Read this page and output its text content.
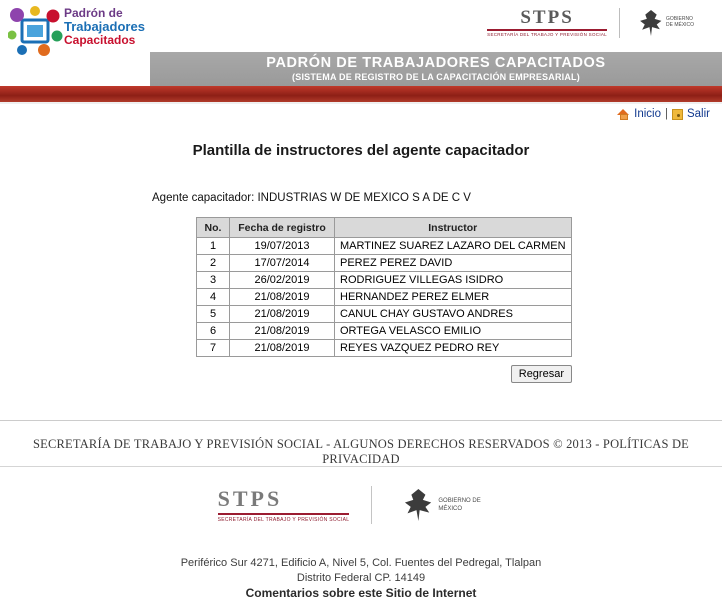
Padrón de
Trabajadores
Capacitados
STPS
SECRETARÍA DEL TRABAJO Y PREVISIÓN SOCIAL
GOBIERNO DE MÉXICO
PADRÓN DE TRABAJADORES CAPACITADOS
(SISTEMA DE REGISTRO DE LA CAPACITACIÓN EMPRESARIAL)
Inicio | Salir
Plantilla de instructores del agente capacitador
Agente capacitador: INDUSTRIAS W DE MEXICO S A DE C V
No.	Fecha de registro	Instructor
1	19/07/2013	MARTINEZ SUAREZ LAZARO DEL CARMEN
2	17/07/2014	PEREZ PEREZ DAVID
3	26/02/2019	RODRIGUEZ VILLEGAS ISIDRO
4	21/08/2019	HERNANDEZ PEREZ ELMER
5	21/08/2019	CANUL CHAY GUSTAVO ANDRES
6	21/08/2019	ORTEGA VELASCO EMILIO
7	21/08/2019	REYES VAZQUEZ PEDRO REY
Regresar
SECRETARÍA DE TRABAJO Y PREVISIÓN SOCIAL - ALGUNOS DERECHOS RESERVADOS © 2013 - POLÍTICAS DE PRIVACIDAD
STPS
SECRETARÍA DEL TRABAJO Y PREVISIÓN SOCIAL
GOBIERNO DE MÉXICO
Periférico Sur 4271, Edificio A, Nivel 5, Col. Fuentes del Pedregal, Tlalpan
Distrito Federal CP. 14149
Comentarios sobre este Sitio de Internet
